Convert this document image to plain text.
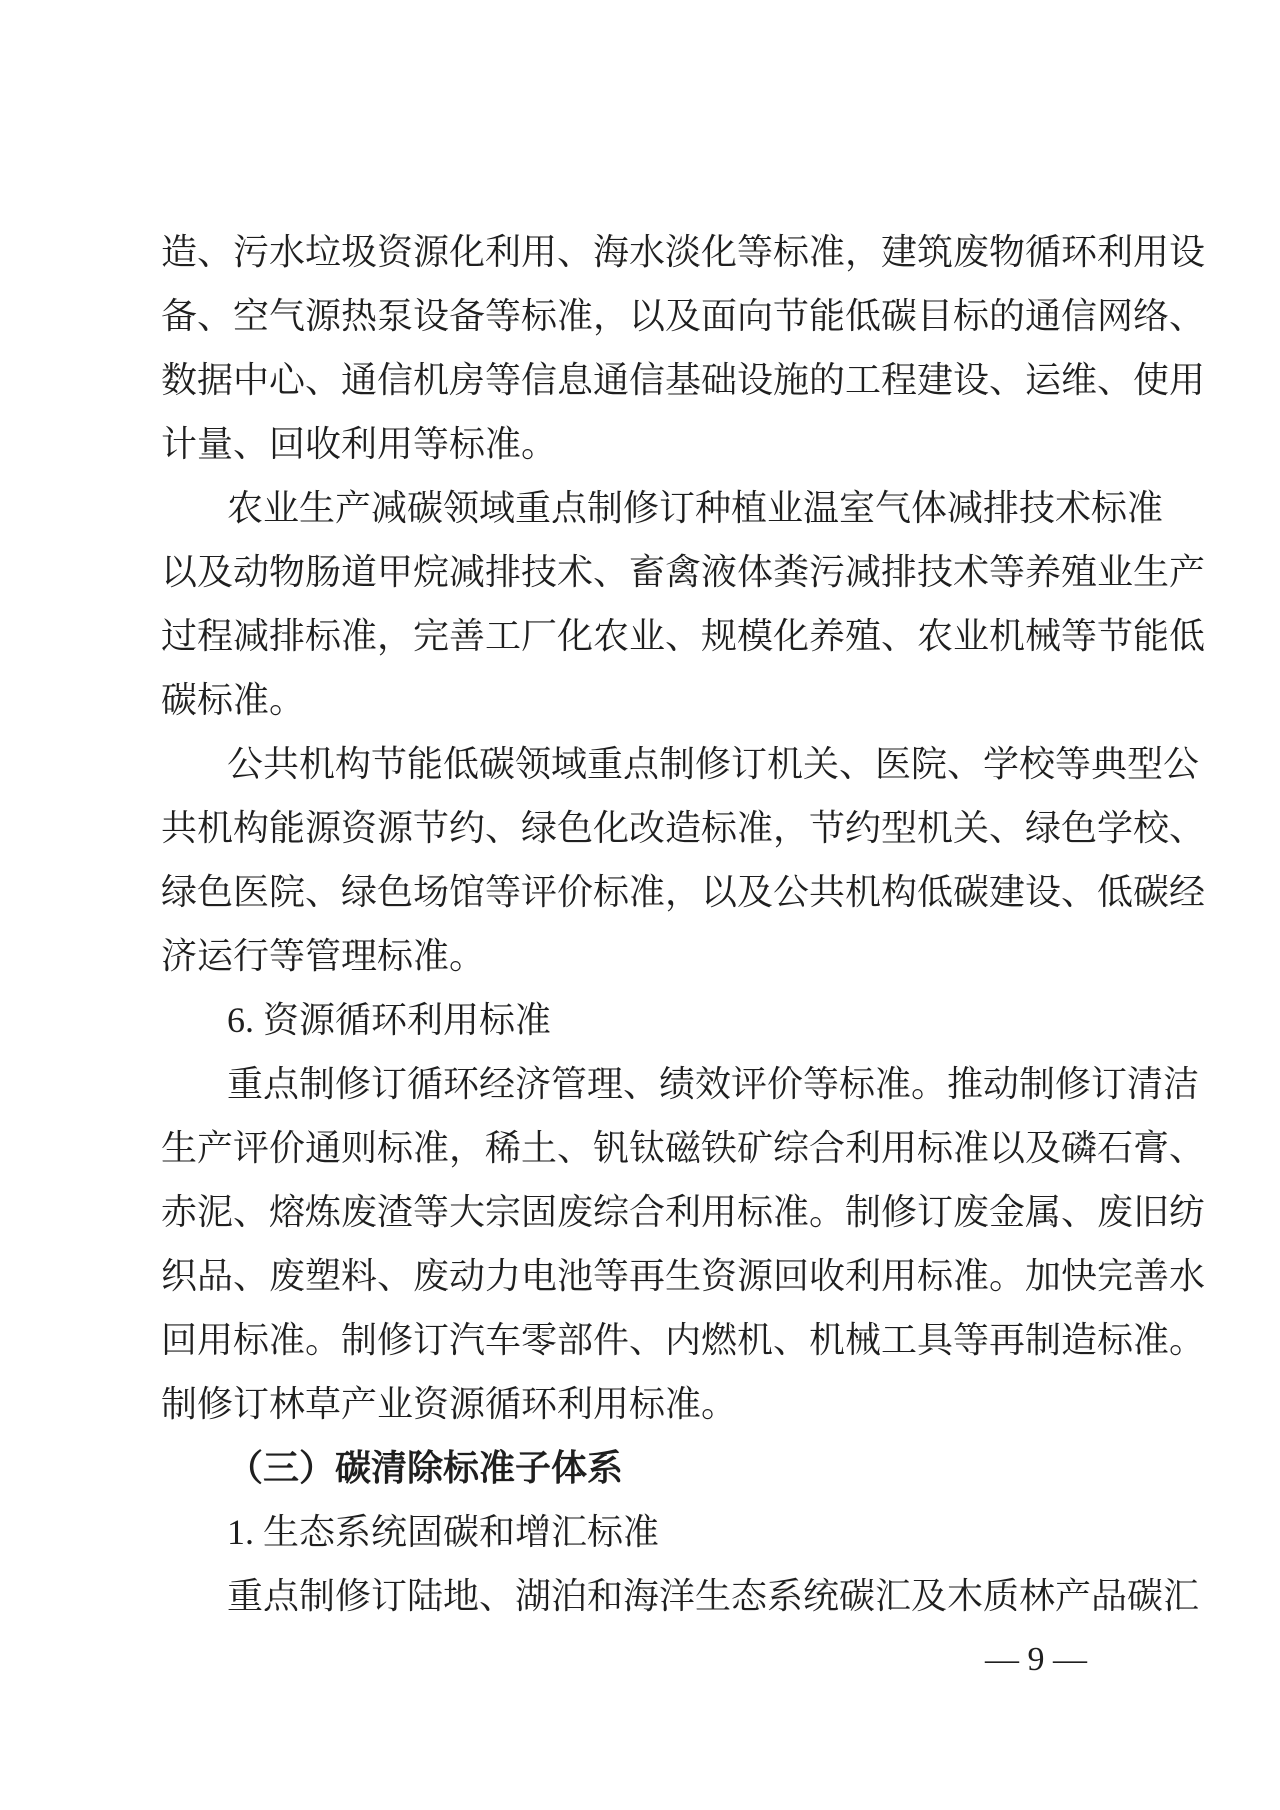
造、污水垃圾资源化利用、海水淡化等标准，建筑废物循环利用设
备、空气源热泵设备等标准，以及面向节能低碳目标的通信网络、
数据中心、通信机房等信息通信基础设施的工程建设、运维、使用
计量、回收利用等标准。
农业生产减碳领域重点制修订种植业温室气体减排技术标准
以及动物肠道甲烷减排技术、畜禽液体粪污减排技术等养殖业生产
过程减排标准，完善工厂化农业、规模化养殖、农业机械等节能低
碳标准。
公共机构节能低碳领域重点制修订机关、医院、学校等典型公
共机构能源资源节约、绿色化改造标准，节约型机关、绿色学校、
绿色医院、绿色场馆等评价标准，以及公共机构低碳建设、低碳经
济运行等管理标准。
6. 资源循环利用标准
重点制修订循环经济管理、绩效评价等标准。推动制修订清洁
生产评价通则标准，稀土、钒钛磁铁矿综合利用标准以及磷石膏、
赤泥、熔炼废渣等大宗固废综合利用标准。制修订废金属、废旧纺
织品、废塑料、废动力电池等再生资源回收利用标准。加快完善水
回用标准。制修订汽车零部件、内燃机、机械工具等再制造标准。
制修订林草产业资源循环利用标准。
（三）碳清除标准子体系
1. 生态系统固碳和增汇标准
重点制修订陆地、湖泊和海洋生态系统碳汇及木质林产品碳汇
— 9 —
